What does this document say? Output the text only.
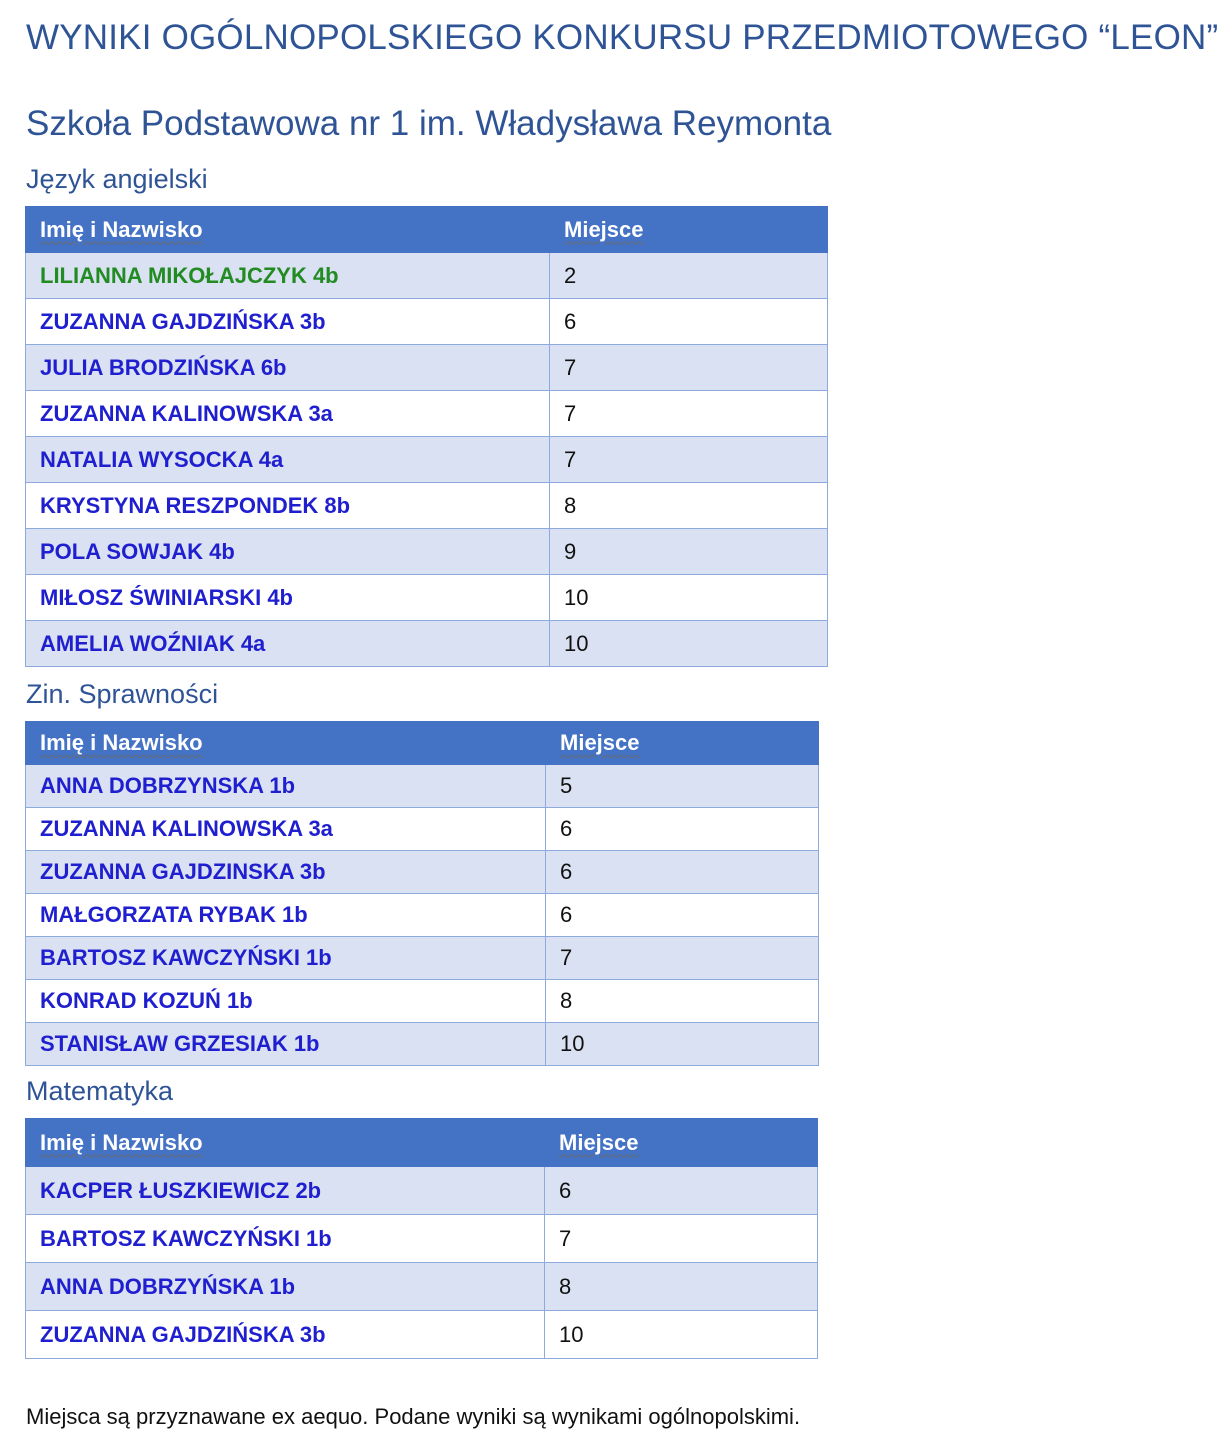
WYNIKI OGÓLNOPOLSKIEGO KONKURSU PRZEDMIOTOWEGO “LEON”
Szkoła Podstawowa nr 1 im. Władysława Reymonta
Język angielski
Imię i Nazwisko	Miejsce
LILIANNA MIKOŁAJCZYK 4b	2
ZUZANNA GAJDZIŃSKA 3b	6
JULIA BRODZIŃSKA 6b	7
ZUZANNA KALINOWSKA 3a	7
NATALIA WYSOCKA 4a	7
KRYSTYNA RESZPONDEK 8b	8
POLA SOWJAK 4b	9
MIŁOSZ ŚWINIARSKI 4b	10
AMELIA WOŹNIAK 4a	10
Zin. Sprawności
Imię i Nazwisko	Miejsce
ANNA DOBRZYNSKA 1b	5
ZUZANNA KALINOWSKA 3a	6
ZUZANNA GAJDZINSKA 3b	6
MAŁGORZATA RYBAK 1b	6
BARTOSZ KAWCZYŃSKI 1b	7
KONRAD KOZUŃ 1b	8
STANISŁAW GRZESIAK 1b	10
Matematyka
Imię i Nazwisko	Miejsce
KACPER ŁUSZKIEWICZ 2b	6
BARTOSZ KAWCZYŃSKI 1b	7
ANNA DOBRZYŃSKA 1b	8
ZUZANNA GAJDZIŃSKA 3b	10
Miejsca są przyznawane ex aequo. Podane wyniki są wynikami ogólnopolskimi.
